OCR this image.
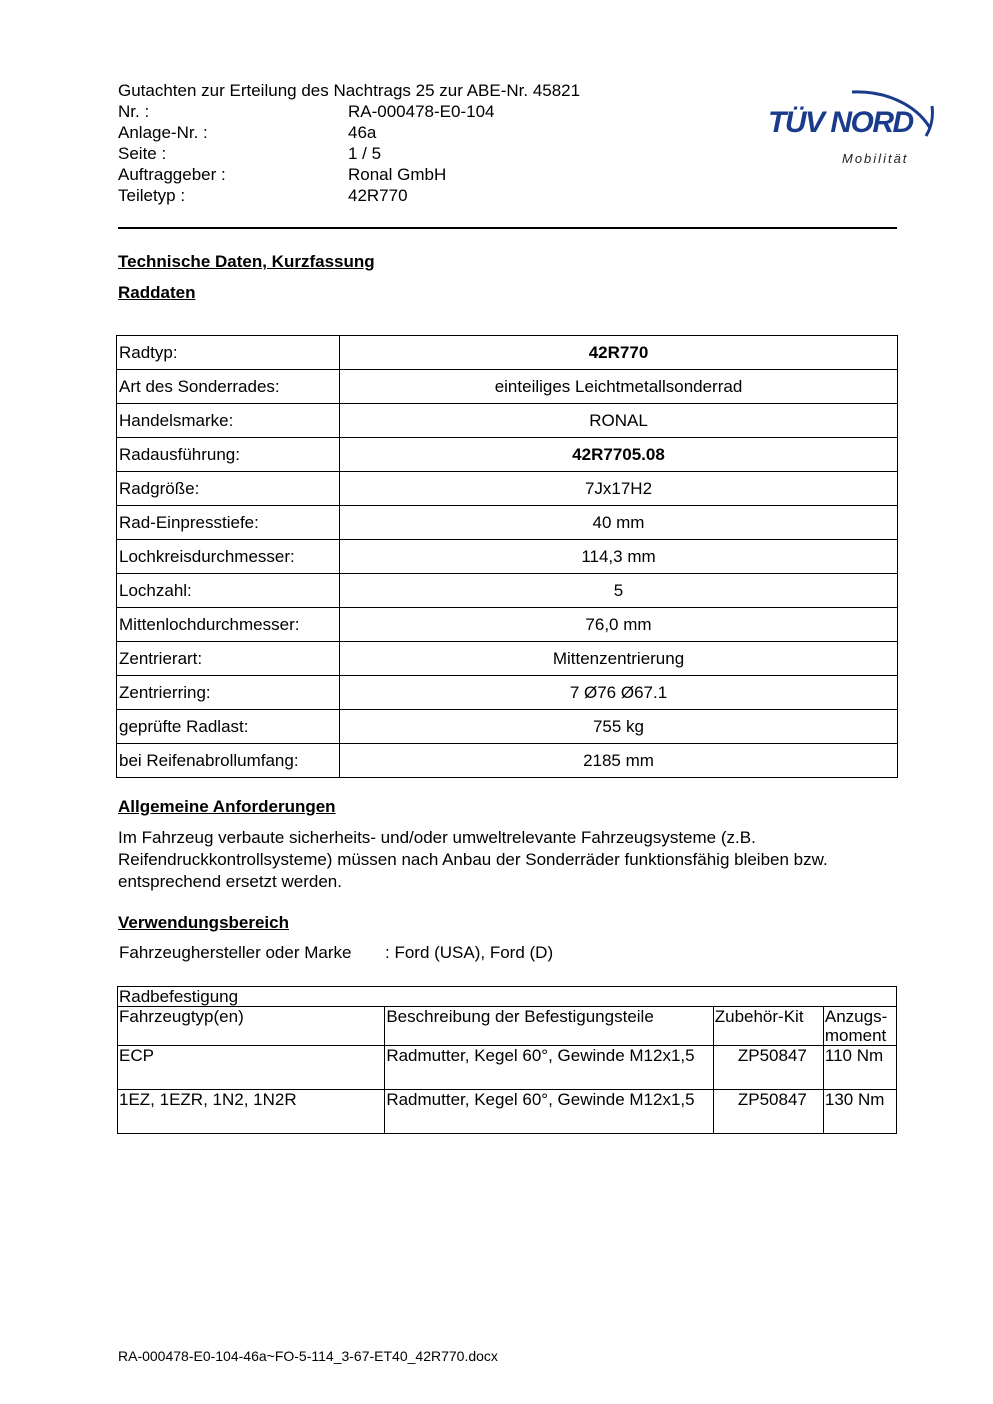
Gutachten zur Erteilung des Nachtrags 25 zur ABE-Nr. 45821
Nr. :	RA-000478-E0-104
Anlage-Nr. :	46a
Seite :	1 / 5
Auftraggeber :	Ronal GmbH
Teiletyp :	42R770
TÜV NORD
Mobilität
Technische Daten, Kurzfassung
Raddaten
Radtyp:	42R770
Art des Sonderrades:	einteiliges Leichtmetallsonderrad
Handelsmarke:	RONAL
Radausführung:	42R7705.08
Radgröße:	7Jx17H2
Rad-Einpresstiefe:	40 mm
Lochkreisdurchmesser:	114,3 mm
Lochzahl:	5
Mittenlochdurchmesser:	76,0 mm
Zentrierart:	Mittenzentrierung
Zentrierring:	7 Ø76 Ø67.1
geprüfte Radlast:	755 kg
bei Reifenabrollumfang:	2185 mm
Allgemeine Anforderungen
Im Fahrzeug verbaute sicherheits- und/oder umweltrelevante Fahrzeugsysteme (z.B. Reifendruckkontrollsysteme) müssen nach Anbau der Sonderräder funktionsfähig bleiben bzw. entsprechend ersetzt werden.
Verwendungsbereich
Fahrzeughersteller oder Marke	: Ford (USA), Ford (D)
Radbefestigung			
Fahrzeugtyp(en)	Beschreibung der Befestigungsteile	Zubehör-Kit	Anzugs-moment
ECP	Radmutter, Kegel 60°, Gewinde M12x1,5	ZP50847	110 Nm
1EZ, 1EZR, 1N2, 1N2R	Radmutter, Kegel 60°, Gewinde M12x1,5	ZP50847	130 Nm
RA-000478-E0-104-46a~FO-5-114_3-67-ET40_42R770.docx
